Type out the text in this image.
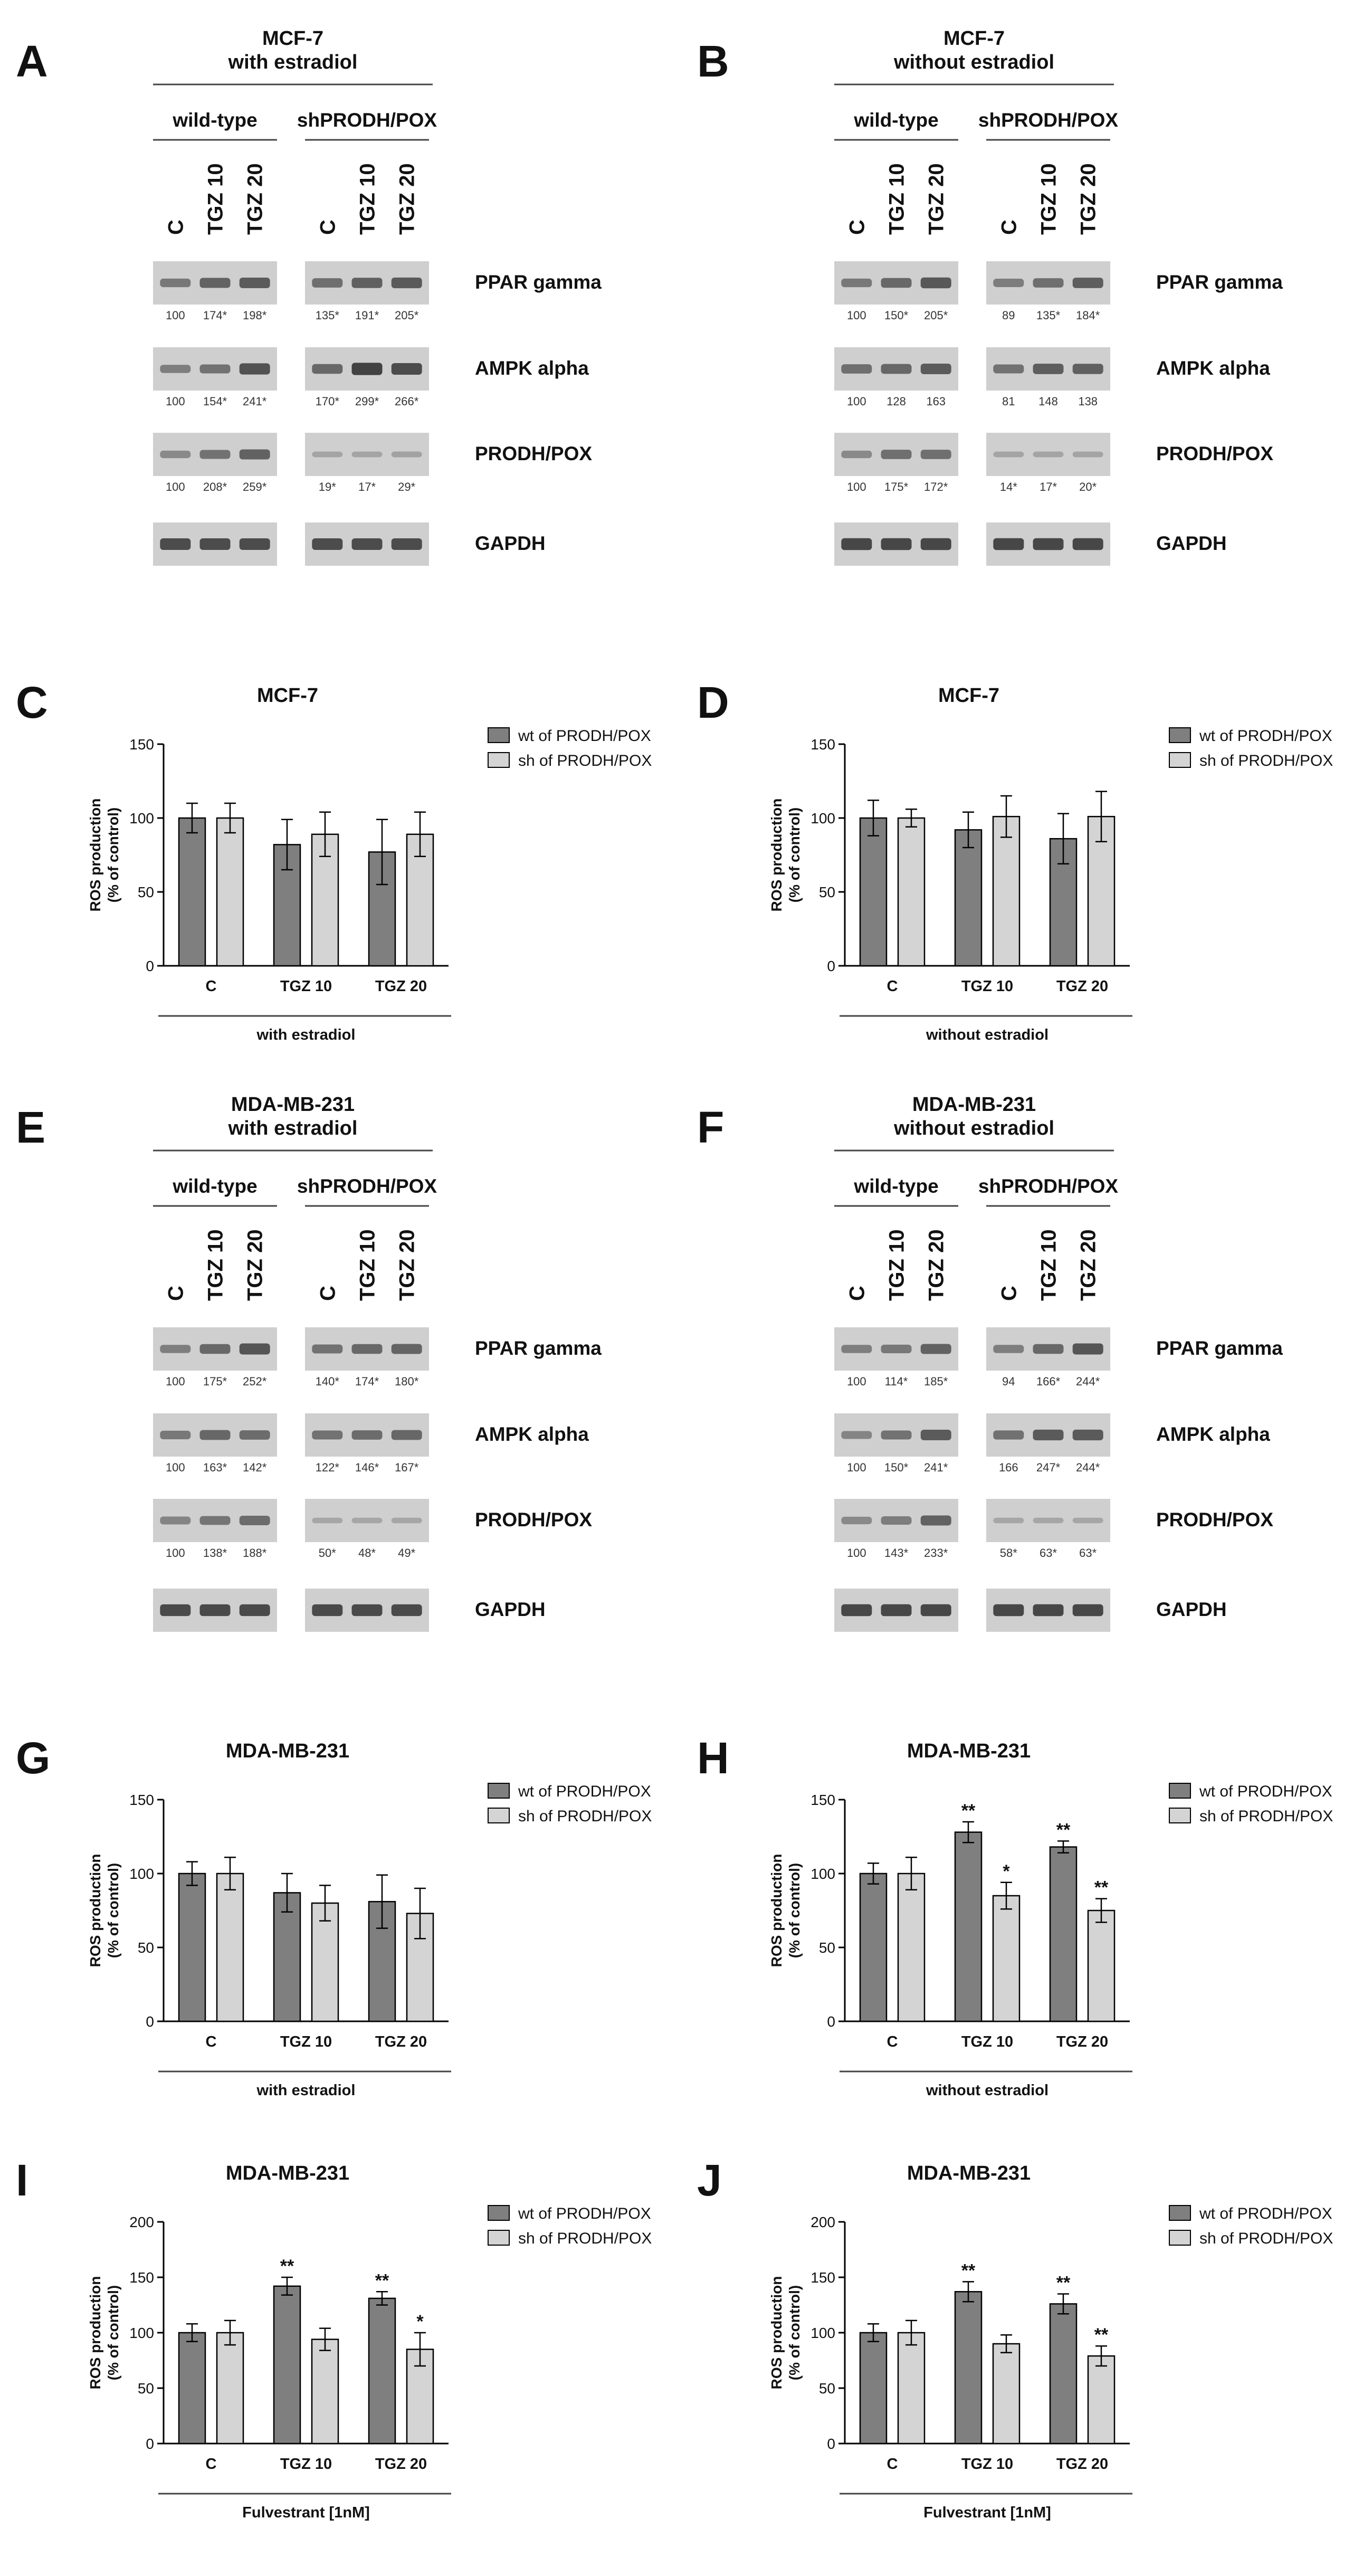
A	MCF-7
with estradiol
wild-type shPRODH/POX
C TGZ 10 TGZ 20 C TGZ 10 TGZ 20
PPAR gamma
100 174* 198*	135* 191* 205*
AMPK alpha
100 154* 241*	170* 299* 266*
PRODH/POX
100 208* 259*	19* 17* 29*
GAPDH
B	MCF-7
without estradiol
wild-type shPRODH/POX
C TGZ 10 TGZ 20 C TGZ 10 TGZ 20
PPAR gamma
100 150* 205*	89 135* 184*
AMPK alpha
100 128 163	81 148 138
PRODH/POX
100 175* 172*	14* 17* 20*
GAPDH
C	MCF-7
0
50
100
150
ROS production (% of control)
C	TGZ 10	TGZ 20
with estradiol
wt of PRODH/POX
sh of PRODH/POX
D	MCF-7
0
50
100
150
ROS production (% of control)
C	TGZ 10	TGZ 20
without estradiol
wt of PRODH/POX
sh of PRODH/POX
E	MDA-MB-231
with estradiol
wild-type shPRODH/POX
C TGZ 10 TGZ 20 C TGZ 10 TGZ 20
PPAR gamma
100 175* 252*	140* 174* 180*
AMPK alpha
100 163* 142*	122* 146* 167*
PRODH/POX
100 138* 188*	50* 48* 49*
GAPDH
F	MDA-MB-231
without estradiol
wild-type shPRODH/POX
C TGZ 10 TGZ 20 C TGZ 10 TGZ 20
PPAR gamma
100 114* 185*	94 166* 244*
AMPK alpha
100 150* 241*	166 247* 244*
PRODH/POX
100 143* 233*	58* 63* 63*
GAPDH
G	MDA-MB-231
0
50
100
150
ROS production (% of control)
C	TGZ 10	TGZ 20
with estradiol
wt of PRODH/POX
sh of PRODH/POX
H	MDA-MB-231
0
50
100
150
ROS production (% of control)
C	TGZ 10
**
*
TGZ 20
**
**
without estradiol
wt of PRODH/POX
sh of PRODH/POX
I	MDA-MB-231
0
50
100
150
200
ROS production (% of control)
C	TGZ 10
**
TGZ 20
**
*
Fulvestrant [1nM]
wt of PRODH/POX
sh of PRODH/POX
J	MDA-MB-231
0
50
100
150
200
ROS production (% of control)
C	TGZ 10
**
TGZ 20
**
**
Fulvestrant [1nM]
wt of PRODH/POX
sh of PRODH/POX
